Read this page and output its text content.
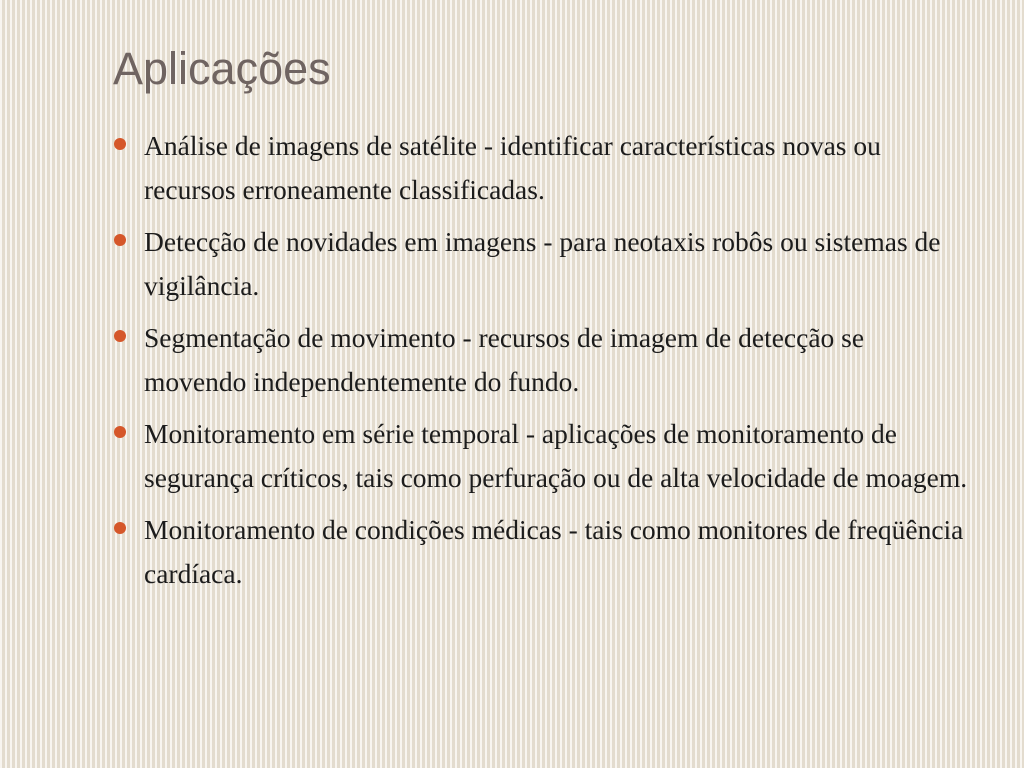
Aplicações
Análise de imagens de satélite - identificar características novas ou recursos erroneamente classificadas.
Detecção de novidades em imagens - para neotaxis robôs ou sistemas de vigilância.
Segmentação de movimento - recursos de imagem de detecção se movendo independentemente do fundo.
Monitoramento em série temporal - aplicações de monitoramento de segurança críticos, tais como perfuração ou de alta velocidade de moagem.
Monitoramento de condições médicas - tais como monitores de freqüência cardíaca.
